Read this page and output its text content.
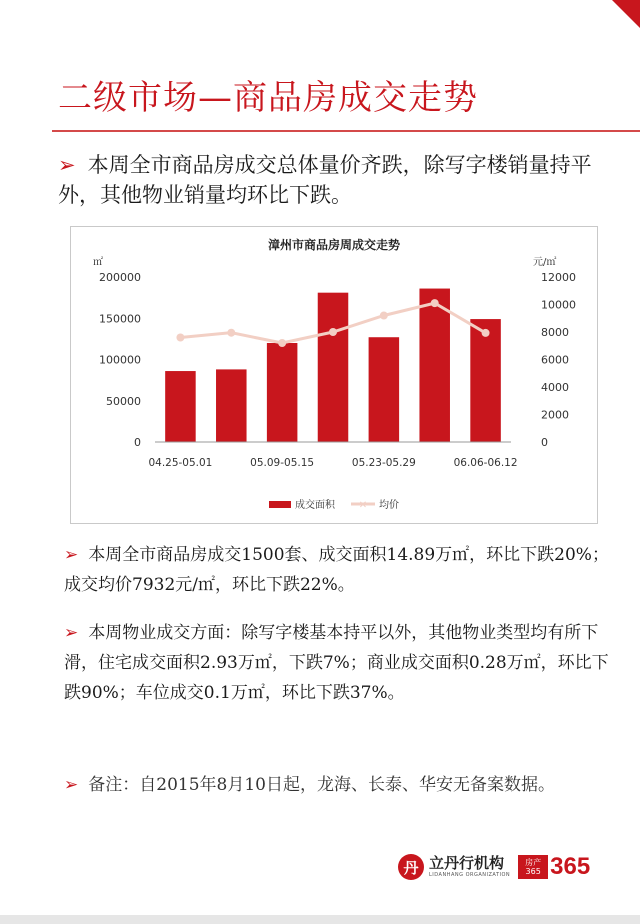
二级市场—商品房成交走势
➢ 本周全市商品房成交总体量价齐跌，除写字楼销量持平外，其他物业销量均环比下跌。
漳州市商品房周成交走势
㎡	元/㎡
0
50000
100000
150000
200000
0
2000
4000
6000
8000
10000
12000
04.25-05.01	05.09-05.15	05.23-05.29	06.06-06.12
成交面积 ✕ 均价
➢ 本周全市商品房成交1500套、成交面积14.89万㎡，环比下跌20%；成交均价7932元/㎡，环比下跌22%。
➢ 本周物业成交方面：除写字楼基本持平以外，其他物业类型均有所下滑，住宅成交面积2.93万㎡，下跌7%；商业成交面积0.28万㎡，环比下跌90%；车位成交0.1万㎡，环比下跌37%。
➢ 备注：自2015年8月10日起，龙海、长泰、华安无备案数据。
丹 立丹行机构
LIDANHANG ORGANIZATION
房产365 365
